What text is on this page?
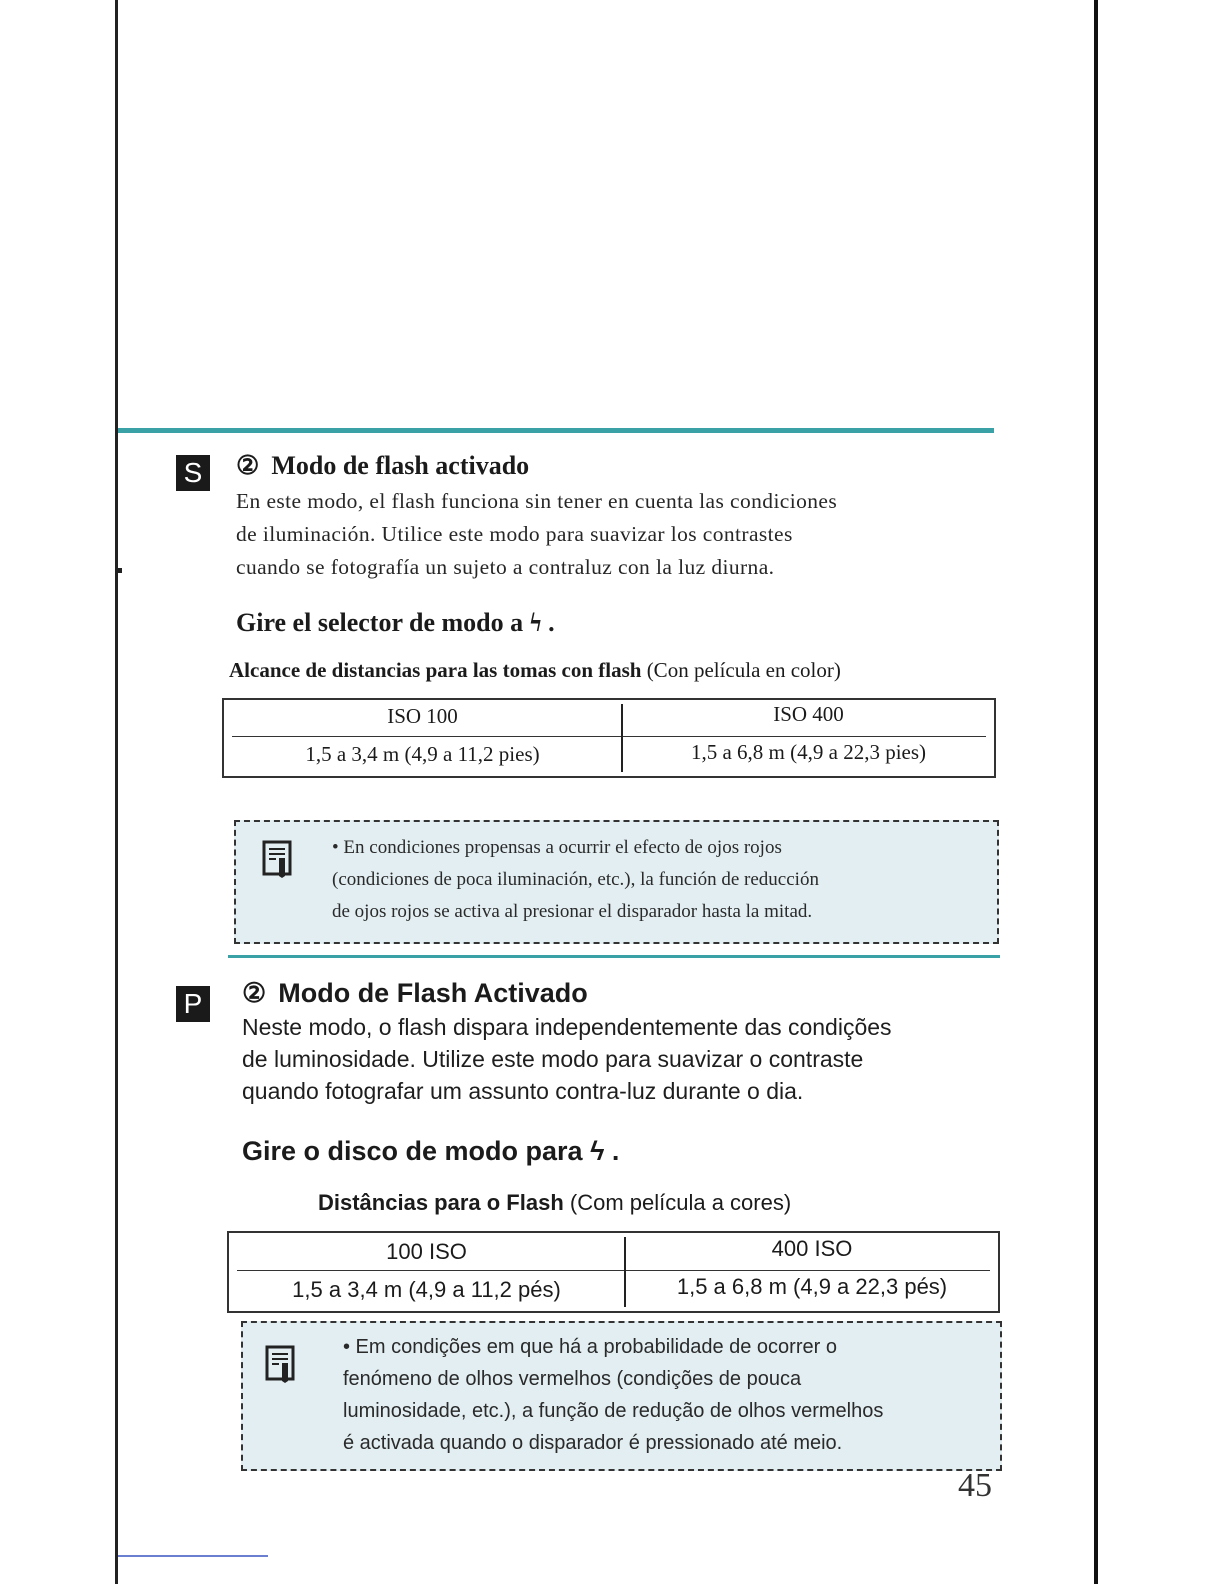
S ② Modo de flash activado
En este modo, el flash funciona sin tener en cuenta las condiciones
de iluminación. Utilice este modo para suavizar los contrastes
cuando se fotografía un sujeto a contraluz con la luz diurna.
Gire el selector de modo a ϟ .
Alcance de distancias para las tomas con flash (Con película en color)
ISO 100	ISO 400
1,5 a 3,4 m (4,9 a 11,2 pies)	1,5 a 6,8 m (4,9 a 22,3 pies)
• En condiciones propensas a ocurrir el efecto de ojos rojos
(condiciones de poca iluminación, etc.), la función de reducción
de ojos rojos se activa al presionar el disparador hasta la mitad.
P ② Modo de Flash Activado
Neste modo, o flash dispara independentemente das condições
de luminosidade. Utilize este modo para suavizar o contraste
quando fotografar um assunto contra-luz durante o dia.
Gire o disco de modo para ϟ .
Distâncias para o Flash (Com película a cores)
100 ISO	400 ISO
1,5 a 3,4 m (4,9 a 11,2 pés)	1,5 a 6,8 m (4,9 a 22,3 pés)
• Em condições em que há a probabilidade de ocorrer o
fenómeno de olhos vermelhos (condições de pouca
luminosidade, etc.), a função de redução de olhos vermelhos
é activada quando o disparador é pressionado até meio.
45
